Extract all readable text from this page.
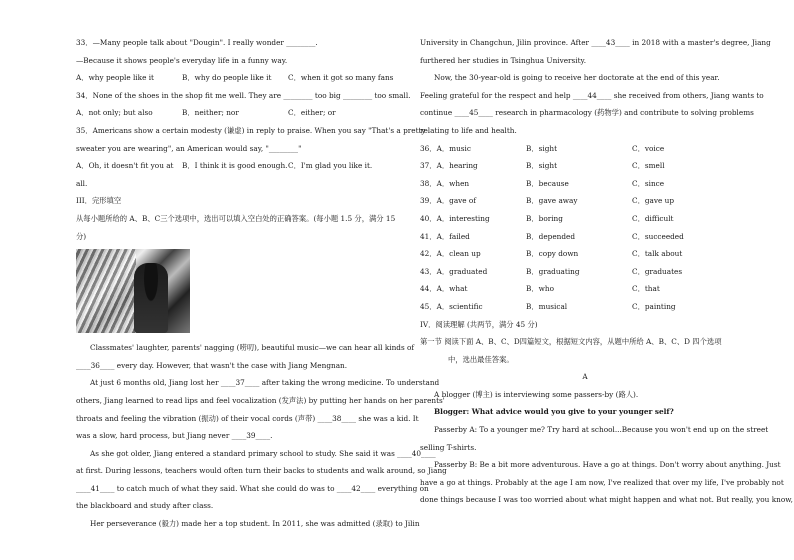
33．—Many people talk about "Dougin". I really wonder ________.

—Because it shows people's everyday life in a funny way.

A．why people like it	B．why do people like it	C．when it got so many fans

34．None of the shoes in the shop fit me well. They are ________ too big ________ too small.

A．not only; but also	B．neither; nor	C．either; or

35．Americans show a certain modesty (谦虚) in reply to praise. When you say "That's a pretty

sweater you are wearing", an American would say, "________"

A．Oh, it doesn't fit you at all.
B．I think it is good enough. C．I'm glad you like it.

III．完形填空

从每小题所给的 A、B、C三个选项中，选出可以填入空白处的正确答案。(每小题 1.5 分，满分 15 分)

Classmates' laughter, parents' nagging (唠叨), beautiful music—we can hear all kinds of

____36____ every day. However, that wasn't the case with Jiang Mengnan.

At just 6 months old, Jiang lost her ____37____ after taking the wrong medicine. To understand

others, Jiang learned to read lips and feel vocalization (发声法) by putting her hands on her parents'

throats and feeling the vibration (振动) of their vocal cords (声带) ____38____ she was a kid. It

was a slow, hard process, but Jiang never ____39____.

As she got older, Jiang entered a standard primary school to study. She said it was ____40____

at first. During lessons, teachers would often turn their backs to students and walk around, so Jiang

____41____ to catch much of what they said. What she could do was to ____42____ everything on

the blackboard and study after class.

Her perseverance (毅力) made her a top student. In 2011, she was admitted (录取) to Jilin

University in Changchun, Jilin province. After ____43____ in 2018 with a master's degree, Jiang

furthered her studies in Tsinghua University.

Now, the 30-year-old is going to receive her doctorate at the end of this year.

Feeling grateful for the respect and help ____44____ she received from others, Jiang wants to

continue ____45____ research in pharmacology (药物学) and contribute to solving problems

relating to life and health.

36．A．music	B．sight	C．voice
37．A．hearing	B．sight	C．smell
38．A．when	B．because	C．since
39．A．gave of	B．gave away	C．gave up
40．A．interesting	B．boring	C．difficult
41．A．failed	B．depended	C．succeeded
42．A．clean up	B．copy down	C．talk about
43．A．graduated	B．graduating	C．graduates
44．A．what	B．who	C．that
45．A．scientific	B．musical	C．painting

IV．阅读理解 (共两节，满分 45 分)

第一节 阅读下面 A、B、C、D四篇短文，根据短文内容，从题中所给 A、B、C、D 四个选项

中，选出最佳答案。

A

A blogger (博主) is interviewing some passers-by (路人).

Blogger: What advice would you give to your younger self?

Passerby A: To a younger me? Try hard at school...Because you won't end up on the street

selling T-shirts.

Passerby B: Be a bit more adventurous. Have a go at things. Don't worry about anything. Just

have a go at things. Probably at the age I am now, I've realized that over my life, I've probably not

done things because I was too worried about what might happen and what not. But really, you know,
